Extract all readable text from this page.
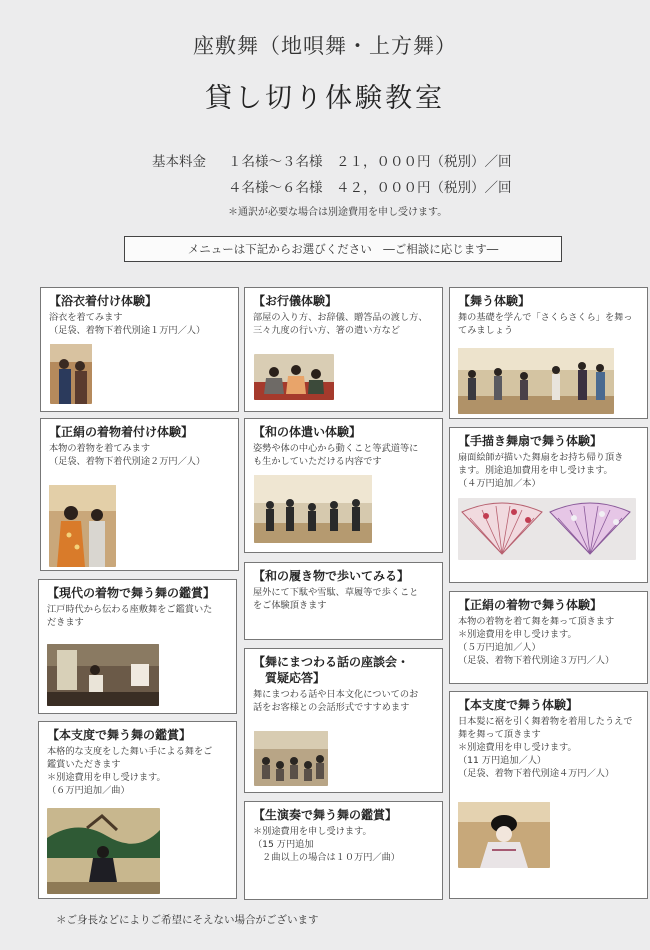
座敷舞（地唄舞・上方舞）
貸し切り体験教室
基本料金 １名様～３名様　２１，０００円（税別）／回
４名様～６名様　４２，０００円（税別）／回
＊通訳が必要な場合は別途費用を申し受けます。
メニューは下記からお選びください　―ご相談に応じます―
【浴衣着付け体験】
浴衣を着てみます
（足袋、着物下着代別途１万円／人）
【正絹の着物着付け体験】
本物の着物を着てみます
（足袋、着物下着代別途２万円／人）
【現代の着物で舞う舞の鑑賞】
江戸時代から伝わる座敷舞をご鑑賞いた
だきます
【本支度で舞う舞の鑑賞】
本格的な支度をした舞い手による舞をご
鑑賞いただきます
＊別途費用を申し受けます。
（６万円追加／曲）
【お行儀体験】
部屋の入り方、お辞儀、贈答品の渡し方、
三々九度の行い方、箸の遣い方など
【和の体遣い体験】
姿勢や体の中心から動くこと等武道等に
も生かしていただける内容です
【和の履き物で歩いてみる】
屋外にて下駄や雪駄、草履等で歩くこと
をご体験頂きます
【舞にまつわる話の座談会・
質疑応答】
舞にまつわる話や日本文化についてのお
話をお客様との会話形式ですすめます
【生演奏で舞う舞の鑑賞】
＊別途費用を申し受けます。
（15 万円追加
　２曲以上の場合は１０万円／曲）
【舞う体験】
舞の基礎を学んで「さくらさくら」を舞っ
てみましょう
【手描き舞扇で舞う体験】
扇面絵師が描いた舞扇をお持ち帰り頂き
ます。別途追加費用を申し受けます。
（４万円追加／本）
【正絹の着物で舞う体験】
本物の着物を着て舞を舞って頂きます
＊別途費用を申し受けます。
（５万円追加／人）
（足袋、着物下着代別途３万円／人）
【本支度で舞う体験】
日本髪に裾を引く舞着物を着用したうえで
舞を舞って頂きます
＊別途費用を申し受けます。
（11 万円追加／人）
（足袋、着物下着代別途４万円／人）
＊ご身長などによりご希望にそえない場合がございます
